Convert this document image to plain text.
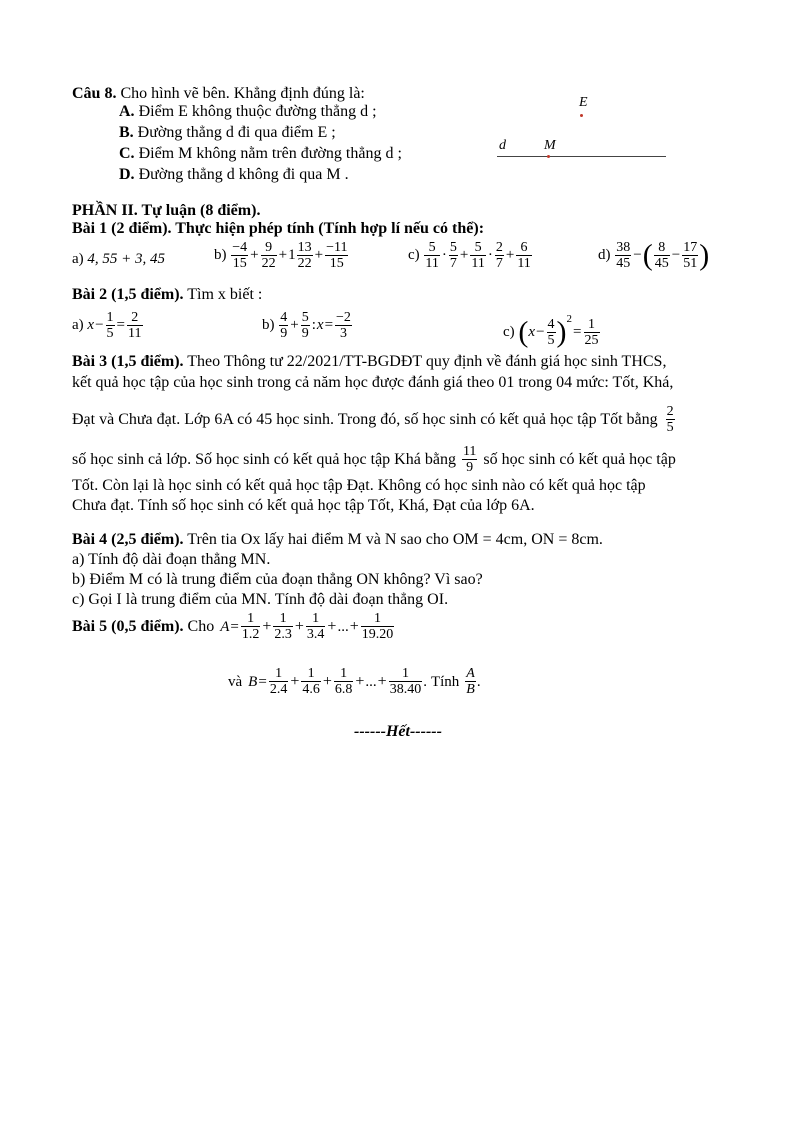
Câu 8. Cho hình vẽ bên. Khẳng định đúng là:
A. Điểm E không thuộc đường thẳng d ;
B. Đường thẳng d đi qua điểm E ;
C. Điểm M không nằm trên đường thẳng d ;
D. Đường thẳng d không đi qua M .
E
d	M
PHẦN II. Tự luận (8 điểm).
Bài 1 (2 điểm). Thực hiện phép tính (Tính hợp lí nếu có thể):
a) 4, 55 + 3, 45	$b) \frac{-4}{15} + \frac{9}{22} +1 \frac{13}{22} + \frac{-11}{15}$	$c) \frac{5}{11} \cdot \frac{5}{7} + \frac{5}{11} \cdot \frac{2}{7} + \frac{6}{11}$	$d) \frac{38}{45}$ −( $\frac{8}{45} - \frac{17}{51}$ )
Bài 2 (1,5 điểm). Tìm x biết :
a) $x- \frac{1}{5} = \frac{2}{11}$	$b) \frac{4}{9} + \frac{5}{9}$ :x= $\frac{-2}{3}$	c) $(x- \frac{4}{5} )^2= \frac{1}{25}$
Bài 3 (1,5 điểm). Theo Thông tư 22/2021/TT-BGDĐT quy định về đánh giá học sinh THCS,
kết quả học tập của học sinh trong cả năm học được đánh giá theo 01 trong 04 mức: Tốt, Khá,
Đạt và Chưa đạt. Lớp 6A có 45 học sinh. Trong đó, số học sinh có kết quả học tập Tốt bằng $\frac{2}{5}$
số học sinh cả lớp. Số học sinh có kết quả học tập Khá bằng $\frac{11}{9}$ số học sinh có kết quả học tập
Tốt. Còn lại là học sinh có kết quả học tập Đạt. Không có học sinh nào có kết quả học tập
Chưa đạt. Tính số học sinh có kết quả học tập Tốt, Khá, Đạt của lớp 6A.
Bài 4 (2,5 điểm). Trên tia Ox lấy hai điểm M và N sao cho OM = 4cm, ON = 8cm.
a) Tính độ dài đoạn thẳng MN.
b) Điểm M có là trung điểm của đoạn thẳng ON không? Vì sao?
c) Gọi I là trung điểm của MN. Tính độ dài đoạn thẳng OI.
Bài 5 (0,5 điểm). Cho $A = \frac{1}{1.2} + \frac{1}{2.3} + \frac{1}{3.4}$ + ... + $\frac{1}{19.20}$
và $B = \frac{1}{2.4} + \frac{1}{4.6} + \frac{1}{6.8}$ + ... + $\frac{1}{38.40}$ . Tính $\frac{A}{B}$ .
------Hết------
